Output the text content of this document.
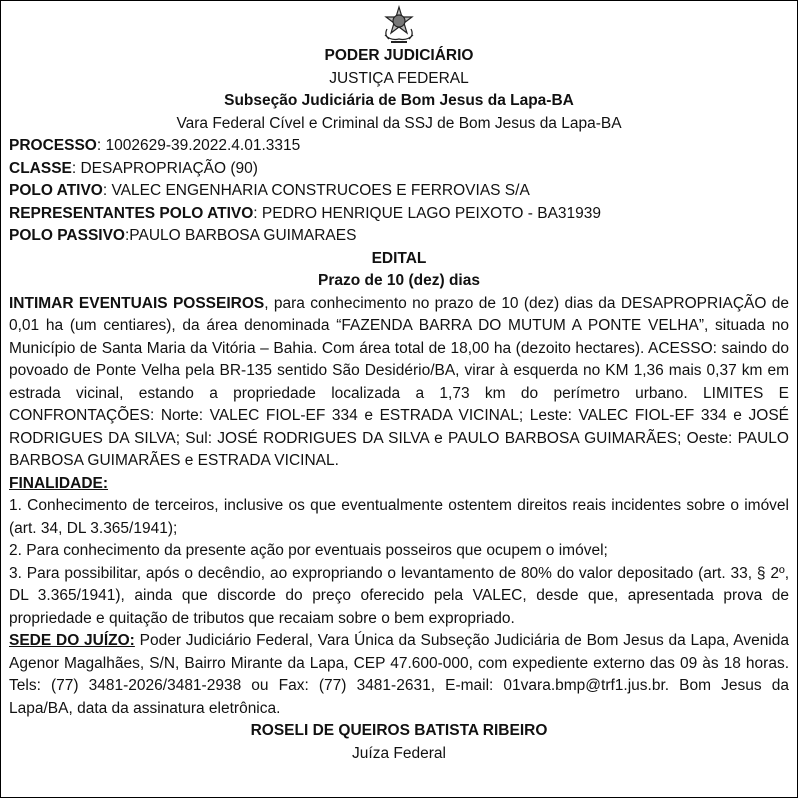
PODER JUDICIÁRIO
JUSTIÇA FEDERAL
Subseção Judiciária de Bom Jesus da Lapa-BA
Vara Federal Cível e Criminal da SSJ de Bom Jesus da Lapa-BA
PROCESSO: 1002629-39.2022.4.01.3315
CLASSE: DESAPROPRIAÇÃO (90)
POLO ATIVO: VALEC ENGENHARIA CONSTRUCOES E FERROVIAS S/A
REPRESENTANTES POLO ATIVO: PEDRO HENRIQUE LAGO PEIXOTO - BA31939
POLO PASSIVO:PAULO BARBOSA GUIMARAES
EDITAL
Prazo de 10 (dez) dias
INTIMAR EVENTUAIS POSSEIROS, para conhecimento no prazo de 10 (dez) dias da DESAPROPRIAÇÃO de 0,01 ha (um centiares), da área denominada “FAZENDA BARRA DO MUTUM A PONTE VELHA”, situada no Município de Santa Maria da Vitória – Bahia. Com área total de 18,00 ha (dezoito hectares). ACESSO: saindo do povoado de Ponte Velha pela BR-135 sentido São Desidério/BA, virar à esquerda no KM 1,36 mais 0,37 km em estrada vicinal, estando a propriedade localizada a 1,73 km do perímetro urbano. LIMITES E CONFRONTAÇÕES: Norte: VALEC FIOL-EF 334 e ESTRADA VICINAL; Leste: VALEC FIOL-EF 334 e JOSÉ RODRIGUES DA SILVA; Sul: JOSÉ RODRIGUES DA SILVA e PAULO BARBOSA GUIMARÃES; Oeste: PAULO BARBOSA GUIMARÃES e ESTRADA VICINAL.
FINALIDADE:
1. Conhecimento de terceiros, inclusive os que eventualmente ostentem direitos reais incidentes sobre o imóvel (art. 34, DL 3.365/1941);
2. Para conhecimento da presente ação por eventuais posseiros que ocupem o imóvel;
3. Para possibilitar, após o decêndio, ao expropriando o levantamento de 80% do valor depositado (art. 33, § 2º, DL 3.365/1941), ainda que discorde do preço oferecido pela VALEC, desde que, apresentada prova de propriedade e quitação de tributos que recaiam sobre o bem expropriado.
SEDE DO JUÍZO: Poder Judiciário Federal, Vara Única da Subseção Judiciária de Bom Jesus da Lapa, Avenida Agenor Magalhães, S/N, Bairro Mirante da Lapa, CEP 47.600-000, com expediente externo das 09 às 18 horas. Tels: (77) 3481-2026/3481-2938 ou Fax: (77) 3481-2631, E-mail: 01vara.bmp@trf1.jus.br. Bom Jesus da Lapa/BA, data da assinatura eletrônica.
ROSELI DE QUEIROS BATISTA RIBEIRO
Juíza Federal
